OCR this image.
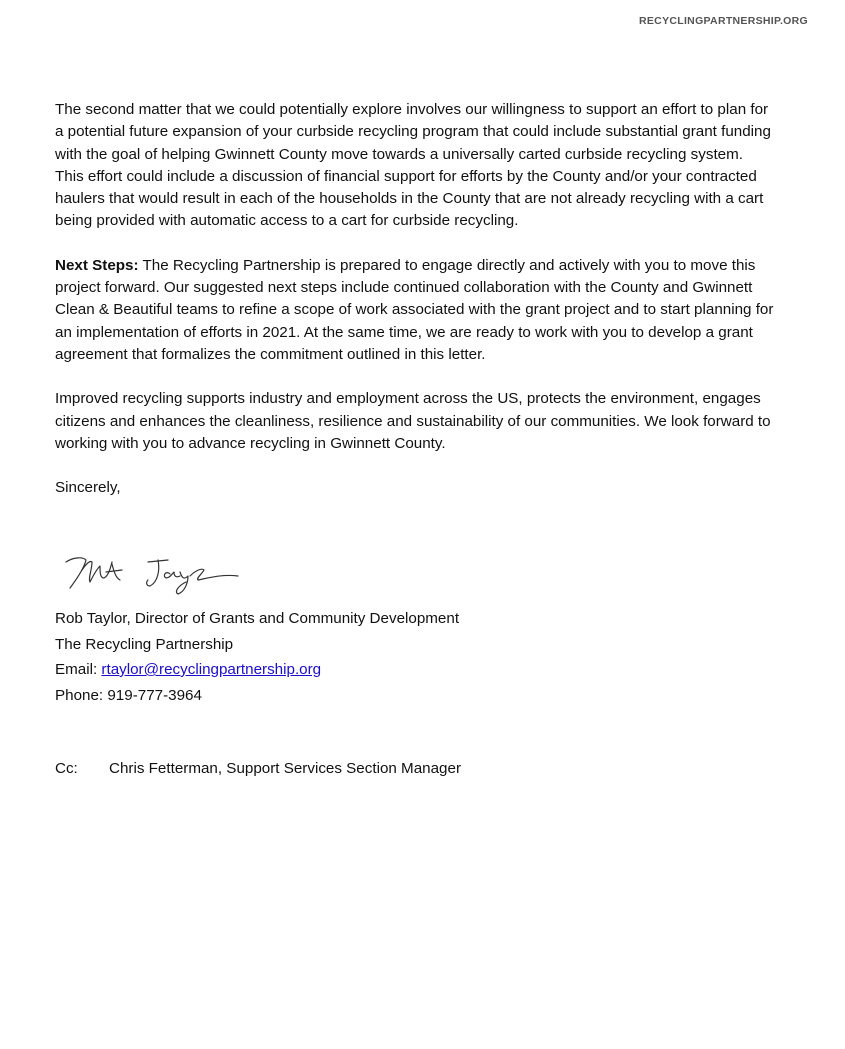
RECYCLINGPARTNERSHIP.ORG

The second matter that we could potentially explore involves our willingness to support an effort to plan for a potential future expansion of your curbside recycling program that could include substantial grant funding with the goal of helping Gwinnett County move towards a universally carted curbside recycling system. This effort could include a discussion of financial support for efforts by the County and/or your contracted haulers that would result in each of the households in the County that are not already recycling with a cart being provided with automatic access to a cart for curbside recycling.

Next Steps: The Recycling Partnership is prepared to engage directly and actively with you to move this project forward. Our suggested next steps include continued collaboration with the County and Gwinnett Clean & Beautiful teams to refine a scope of work associated with the grant project and to start planning for an implementation of efforts in 2021. At the same time, we are ready to work with you to develop a grant agreement that formalizes the commitment outlined in this letter.

Improved recycling supports industry and employment across the US, protects the environment, engages citizens and enhances the cleanliness, resilience and sustainability of our communities. We look forward to working with you to advance recycling in Gwinnett County.

Sincerely,

Rob Taylor, Director of Grants and Community Development
The Recycling Partnership
Email: rtaylor@recyclingpartnership.org
Phone: 919-777-3964
Cc: Chris Fetterman, Support Services Section Manager
